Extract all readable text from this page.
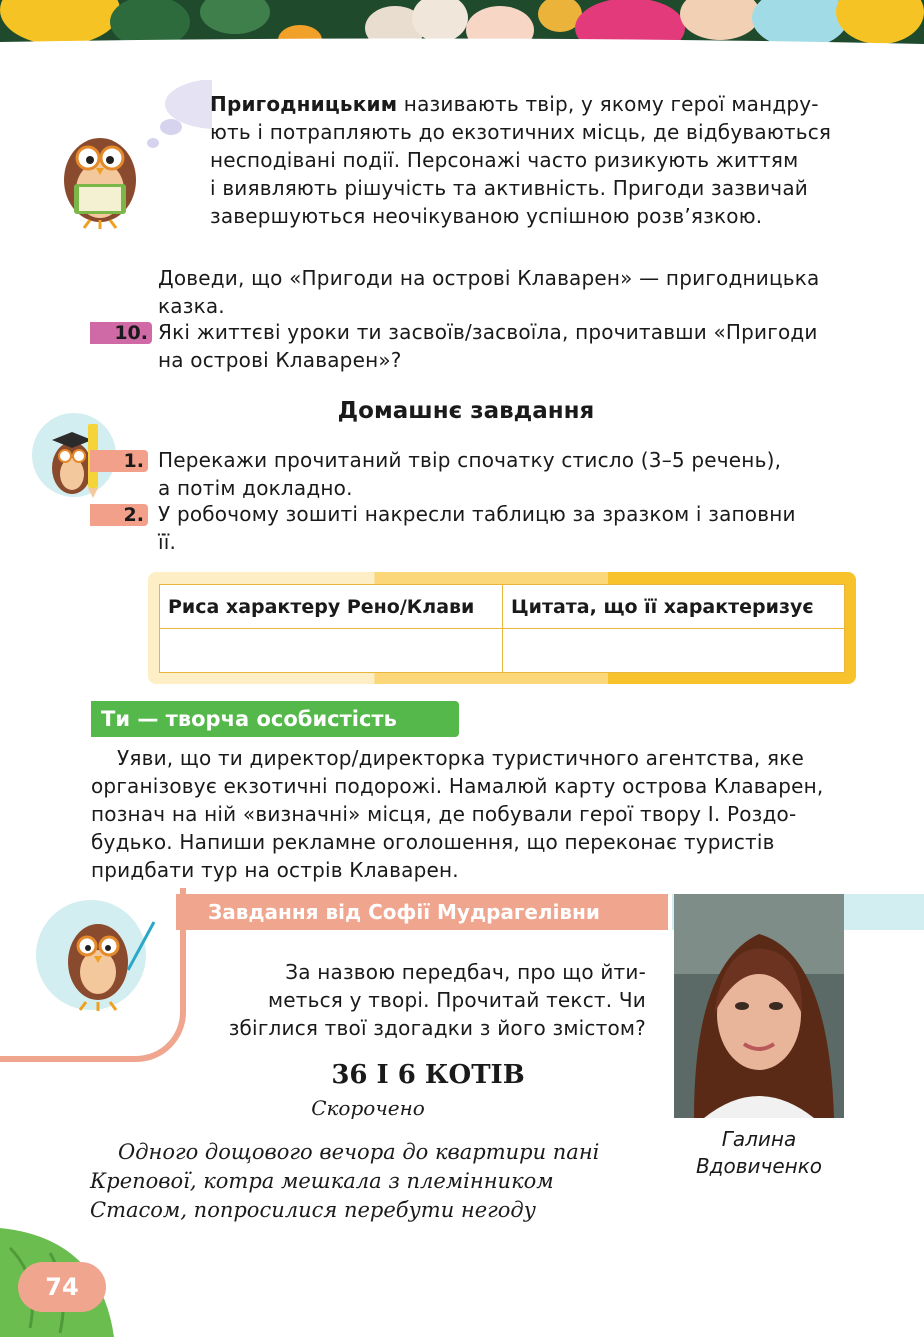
Пригодницьким називають твір, у якому герої мандру-
ють і потрапляють до екзотичних місць, де відбуваються
несподівані події. Персонажі часто ризикують життям
і виявляють рішучість та активність. Пригоди зазвичай
завершуються неочікуваною успішною розв’язкою.
Доведи, що «Пригоди на острові Клаварен» — пригодницька
казка.
10. Які життєві уроки ти засвоїв/засвоїла, прочитавши «Пригоди
на острові Клаварен»?
Домашнє завдання
1. Перекажи прочитаний твір спочатку стисло (3–5 речень),
а потім докладно.
2. У робочому зошиті накресли таблицю за зразком і заповни
її.
Риса характеру Рено/Клави	Цитата, що її характеризує

Ти — творча особистість
Уяви, що ти директор/директорка туристичного агентства, яке
організовує екзотичні подорожі. Намалюй карту острова Клаварен,
познач на ній «визначні» місця, де побували герої твору І. Роздо-
будько. Напиши рекламне оголошення, що переконає туристів
придбати тур на острів Клаварен.
Завдання від Софії Мудрагелівни
За назвою передбач, про що йти-
меться у творі. Прочитай текст. Чи
збіглися твої здогадки з його змістом?
Галина
Вдовиченко
36 І 6 КОТІВ
Скорочено
Одного дощового вечора до квартири пані
Крепової, котра мешкала з племінником
Стасом, попросилися перебути негоду
74
